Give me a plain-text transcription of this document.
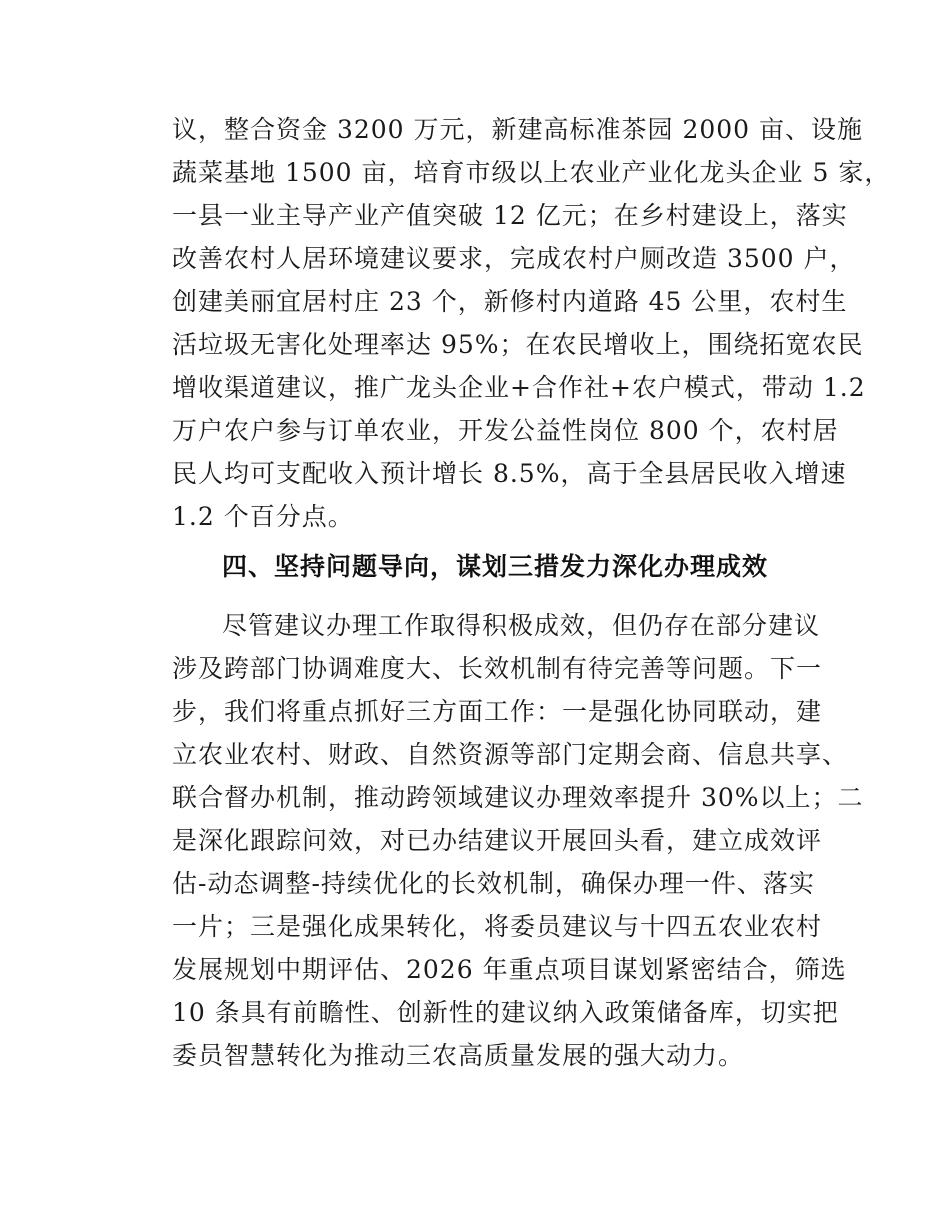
议，整合资金 3200 万元，新建高标准茶园 2000 亩、设施
蔬菜基地 1500 亩，培育市级以上农业产业化龙头企业 5 家，
一县一业主导产业产值突破 12 亿元；在乡村建设上，落实
改善农村人居环境建议要求，完成农村户厕改造 3500 户，
创建美丽宜居村庄 23 个，新修村内道路 45 公里，农村生
活垃圾无害化处理率达 95%；在农民增收上，围绕拓宽农民
增收渠道建议，推广龙头企业+合作社+农户模式，带动 1.2
万户农户参与订单农业，开发公益性岗位 800 个，农村居
民人均可支配收入预计增长 8.5%，高于全县居民收入增速
1.2 个百分点。
四、坚持问题导向，谋划三措发力深化办理成效
尽管建议办理工作取得积极成效，但仍存在部分建议
涉及跨部门协调难度大、长效机制有待完善等问题。下一
步，我们将重点抓好三方面工作：一是强化协同联动，建
立农业农村、财政、自然资源等部门定期会商、信息共享、
联合督办机制，推动跨领域建议办理效率提升 30%以上；二
是深化跟踪问效，对已办结建议开展回头看，建立成效评
估-动态调整-持续优化的长效机制，确保办理一件、落实
一片；三是强化成果转化，将委员建议与十四五农业农村
发展规划中期评估、2026 年重点项目谋划紧密结合，筛选
10 条具有前瞻性、创新性的建议纳入政策储备库，切实把
委员智慧转化为推动三农高质量发展的强大动力。
